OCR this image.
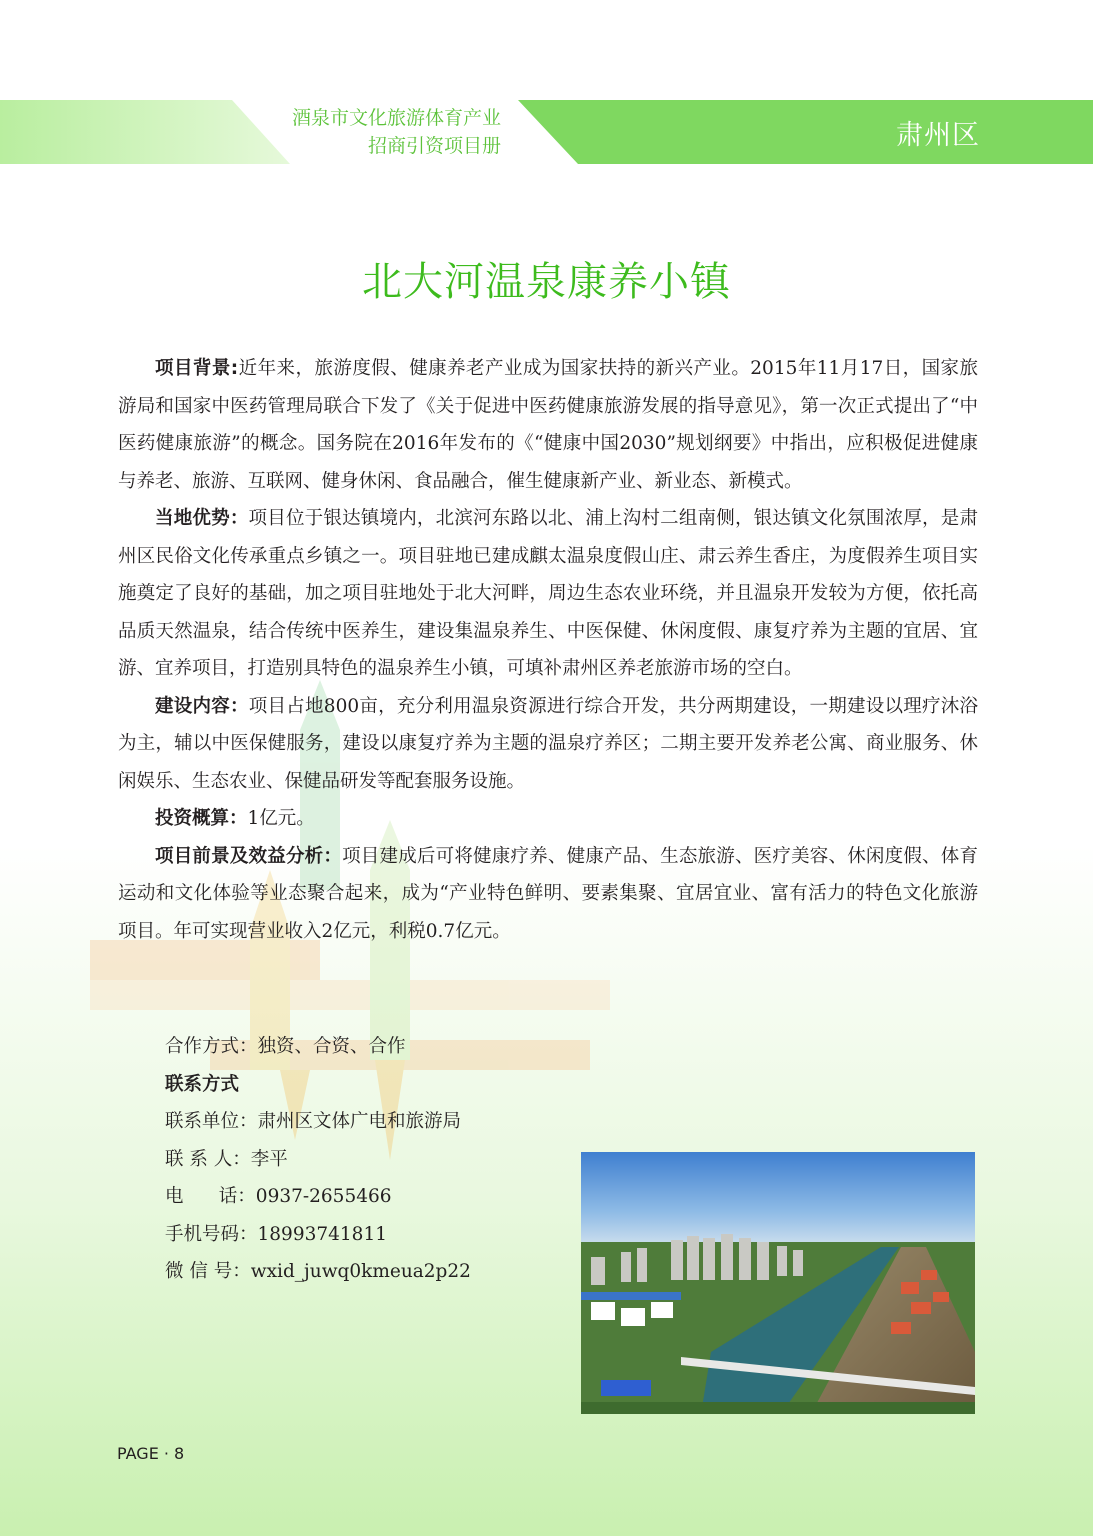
酒泉市文化旅游体育产业
招商引资项目册	肃州区
北大河温泉康养小镇

项目背景:近年来，旅游度假、健康养老产业成为国家扶持的新兴产业。2015年11月17日，国家旅游局和国家中医药管理局联合下发了《关于促进中医药健康旅游发展的指导意见》，第一次正式提出了“中医药健康旅游”的概念。国务院在2016年发布的《“健康中国2030”规划纲要》中指出，应积极促进健康与养老、旅游、互联网、健身休闲、食品融合，催生健康新产业、新业态、新模式。

当地优势：项目位于银达镇境内，北滨河东路以北、浦上沟村二组南侧，银达镇文化氛围浓厚，是肃州区民俗文化传承重点乡镇之一。项目驻地已建成麒太温泉度假山庄、肃云养生香庄，为度假养生项目实施奠定了良好的基础，加之项目驻地处于北大河畔，周边生态农业环绕，并且温泉开发较为方便，依托高品质天然温泉，结合传统中医养生，建设集温泉养生、中医保健、休闲度假、康复疗养为主题的宜居、宜游、宜养项目，打造别具特色的温泉养生小镇，可填补肃州区养老旅游市场的空白。

建设内容：项目占地800亩，充分利用温泉资源进行综合开发，共分两期建设，一期建设以理疗沐浴为主，辅以中医保健服务，建设以康复疗养为主题的温泉疗养区；二期主要开发养老公寓、商业服务、休闲娱乐、生态农业、保健品研发等配套服务设施。

投资概算：1亿元。

项目前景及效益分析：项目建成后可将健康疗养、健康产品、生态旅游、医疗美容、休闲度假、体育运动和文化体验等业态聚合起来，成为“产业特色鲜明、要素集聚、宜居宜业、富有活力的特色文化旅游项目。年可实现营业收入2亿元，利税0.7亿元。

合作方式：独资、合资、合作
联系方式
联系单位：肃州区文体广电和旅游局
联 系 人：李平
电      话：0937-2655466
手机号码：18993741811
微 信 号：wxid_juwq0kmeua2p22
PAGE · 8
